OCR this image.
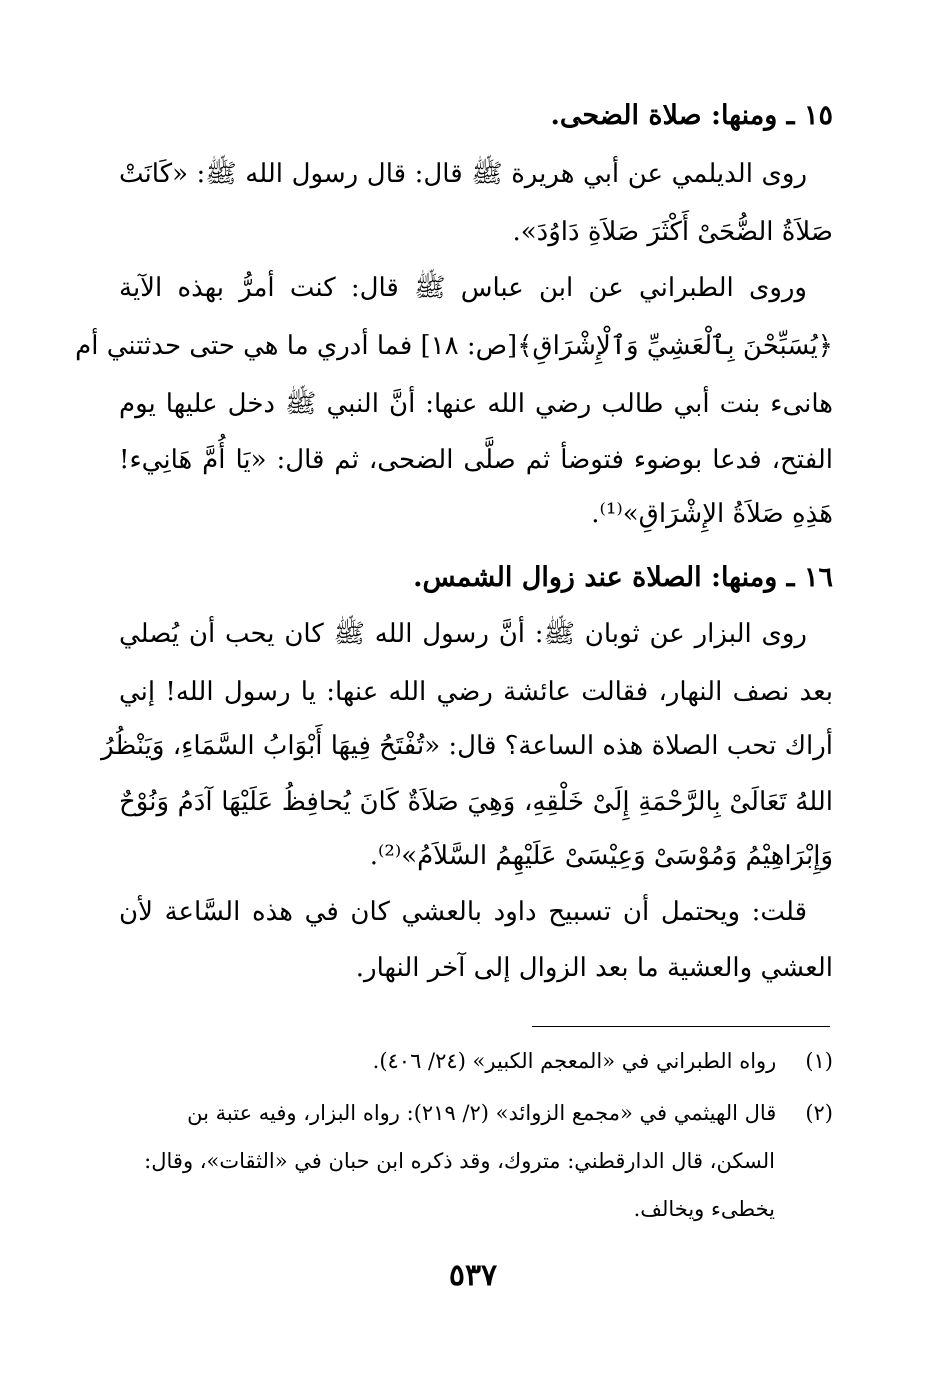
١٥ ـ ومنها: صلاة الضحى.
روى الديلمي عن أبي هريرة ﷺ قال: قال رسول الله ﷺ: «كَانَتْ
صَلاَةُ الضُّحَىْ أَكْثَرَ صَلاَةِ دَاوُدَ».
وروى الطبراني عن ابن عباس ﷺ قال: كنت أمرُّ بهذه الآية
﴿يُسَبِّحْنَ بِٱلْعَشِيِّ وَٱلْإِشْرَاقِ﴾[ص: ١٨] فما أدري ما هي حتى حدثتني أم
هانىء بنت أبي طالب رضي الله عنها: أنَّ النبي ﷺ دخل عليها يوم
الفتح، فدعا بوضوء فتوضأ ثم صلَّى الضحى، ثم قال: «يَا أُمَّ هَانِيء!
هَذِهِ صَلاَةُ الإِشْرَاقِ»⁽¹⁾.
١٦ ـ ومنها: الصلاة عند زوال الشمس.
روى البزار عن ثوبان ﷺ: أنَّ رسول الله ﷺ كان يحب أن يُصلي
بعد نصف النهار، فقالت عائشة رضي الله عنها: يا رسول الله! إني
أراك تحب الصلاة هذه الساعة؟ قال: «تُفْتَحُ فِيهَا أَبْوَابُ السَّمَاءِ، وَيَنْظُرُ
اللهُ تَعَالَىْ بِالرَّحْمَةِ إِلَىْ خَلْقِهِ، وَهِيَ صَلاَةٌ كَانَ يُحافِظُ عَلَيْهَا آدَمُ وَنُوْحٌ
وَإِبْرَاهِيْمُ وَمُوْسَىْ وَعِيْسَىْ عَلَيْهِمُ السَّلاَمُ»⁽²⁾.
قلت: ويحتمل أن تسبيح داود بالعشي كان في هذه السَّاعة لأن
العشي والعشية ما بعد الزوال إلى آخر النهار.
(١) رواه الطبراني في «المعجم الكبير» (٢٤/ ٤٠٦).
(٢) قال الهيثمي في «مجمع الزوائد» (٢/ ٢١٩): رواه البزار، وفيه عتبة بن
السكن، قال الدارقطني: متروك، وقد ذكره ابن حبان في «الثقات»، وقال:
يخطىء ويخالف.
٥٣٧
